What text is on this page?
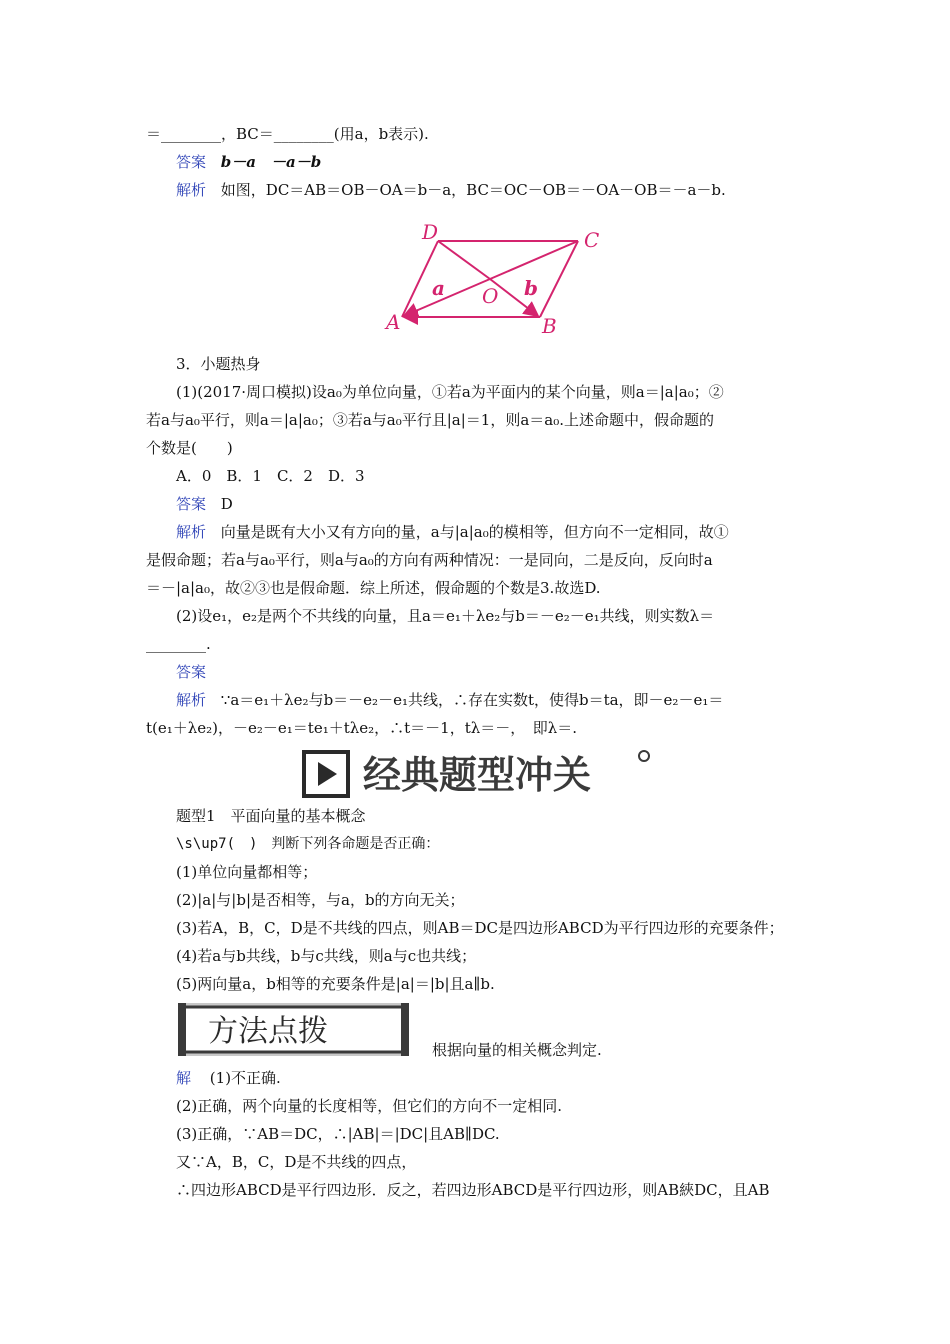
＝________，BC＝________(用a，b表示).
答案 b－a　－a－b
解析 如图，DC＝AB＝OB－OA＝b－a，BC＝OC－OB＝－OA－OB＝－a－b.
D	C
A	B
O
a	b
3．小题热身
(1)(2017·周口模拟)设a₀为单位向量，①若a为平面内的某个向量，则a＝|a|a₀；②
若a与a₀平行，则a＝|a|a₀；③若a与a₀平行且|a|＝1，则a＝a₀.上述命题中，假命题的
个数是(　　)
A．0　B．1　C．2　D．3
答案 D
解析 向量是既有大小又有方向的量，a与|a|a₀的模相等，但方向不一定相同，故①
是假命题；若a与a₀平行，则a与a₀的方向有两种情况：一是同向，二是反向，反向时a
＝－|a|a₀，故②③也是假命题．综上所述，假命题的个数是3.故选D.
(2)设e₁，e₂是两个不共线的向量，且a＝e₁＋λe₂与b＝－e₂－e₁共线，则实数λ＝
________.
答案
解析 ∵a＝e₁＋λe₂与b＝－e₂－e₁共线，∴存在实数t，使得b＝ta，即－e₂－e₁＝
t(e₁＋λe₂)，－e₂－e₁＝te₁＋tλe₂，∴t＝－1，tλ＝－，　即λ＝.
经典题型冲关
题型1　平面向量的基本概念
\s\up7(　)　判断下列各命题是否正确：
(1)单位向量都相等；
(2)|a|与|b|是否相等，与a，b的方向无关；
(3)若A，B，C，D是不共线的四点，则AB＝DC是四边形ABCD为平行四边形的充要条件；
(4)若a与b共线，b与c共线，则a与c也共线；
(5)两向量a，b相等的充要条件是|a|＝|b|且a∥b.
方法点拨
根据向量的相关概念判定.
解 (1)不正确.
(2)正确，两个向量的长度相等，但它们的方向不一定相同.
(3)正确，∵AB＝DC，∴|AB|＝|DC|且AB∥DC.
又∵A，B，C，D是不共线的四点，
∴四边形ABCD是平行四边形．反之，若四边形ABCD是平行四边形，则AB綊DC，且AB
